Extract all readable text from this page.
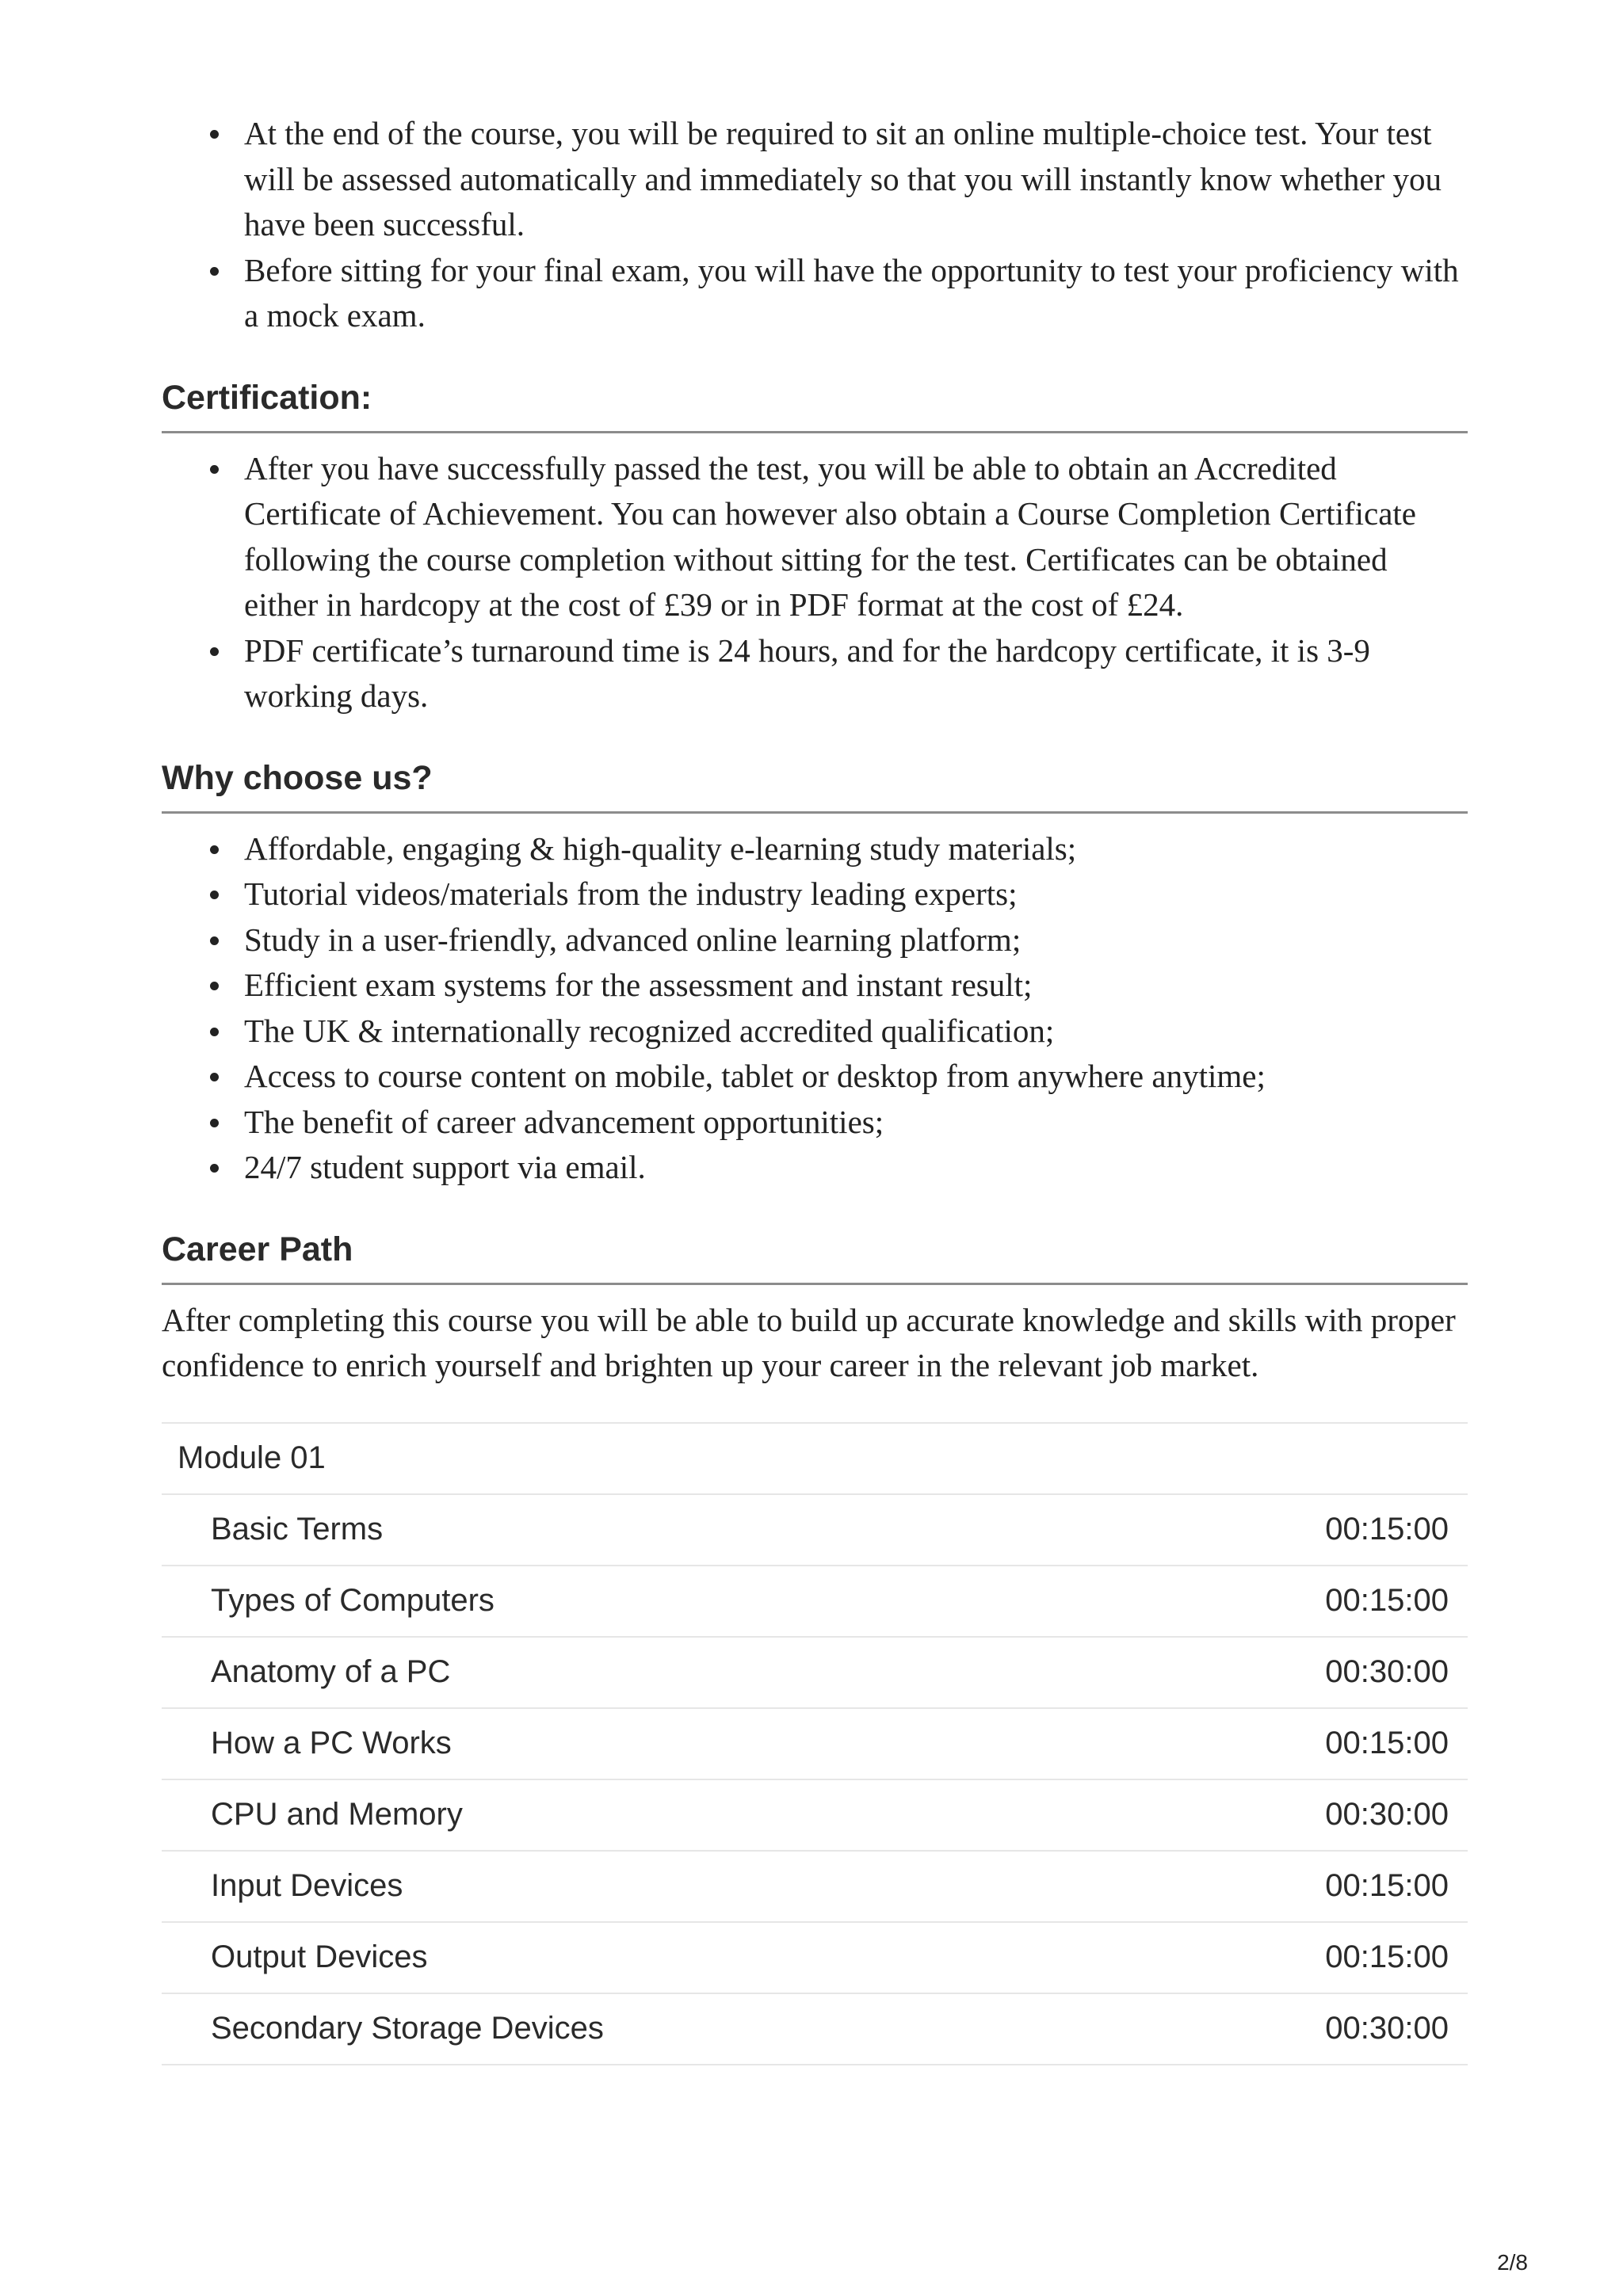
At the end of the course, you will be required to sit an online multiple-choice test. Your test will be assessed automatically and immediately so that you will instantly know whether you have been successful.
Before sitting for your final exam, you will have the opportunity to test your proficiency with a mock exam.
Certification:
After you have successfully passed the test, you will be able to obtain an Accredited Certificate of Achievement. You can however also obtain a Course Completion Certificate following the course completion without sitting for the test. Certificates can be obtained either in hardcopy at the cost of £39 or in PDF format at the cost of £24.
PDF certificate’s turnaround time is 24 hours, and for the hardcopy certificate, it is 3-9 working days.
Why choose us?
Affordable, engaging & high-quality e-learning study materials;
Tutorial videos/materials from the industry leading experts;
Study in a user-friendly, advanced online learning platform;
Efficient exam systems for the assessment and instant result;
The UK & internationally recognized accredited qualification;
Access to course content on mobile, tablet or desktop from anywhere anytime;
The benefit of career advancement opportunities;
24/7 student support via email.
Career Path

After completing this course you will be able to build up accurate knowledge and skills with proper confidence to enrich yourself and brighten up your career in the relevant job market.

Module 01	
Basic Terms	00:15:00
Types of Computers	00:15:00
Anatomy of a PC	00:30:00
How a PC Works	00:15:00
CPU and Memory	00:30:00
Input Devices	00:15:00
Output Devices	00:15:00
Secondary Storage Devices	00:30:00
2/8
